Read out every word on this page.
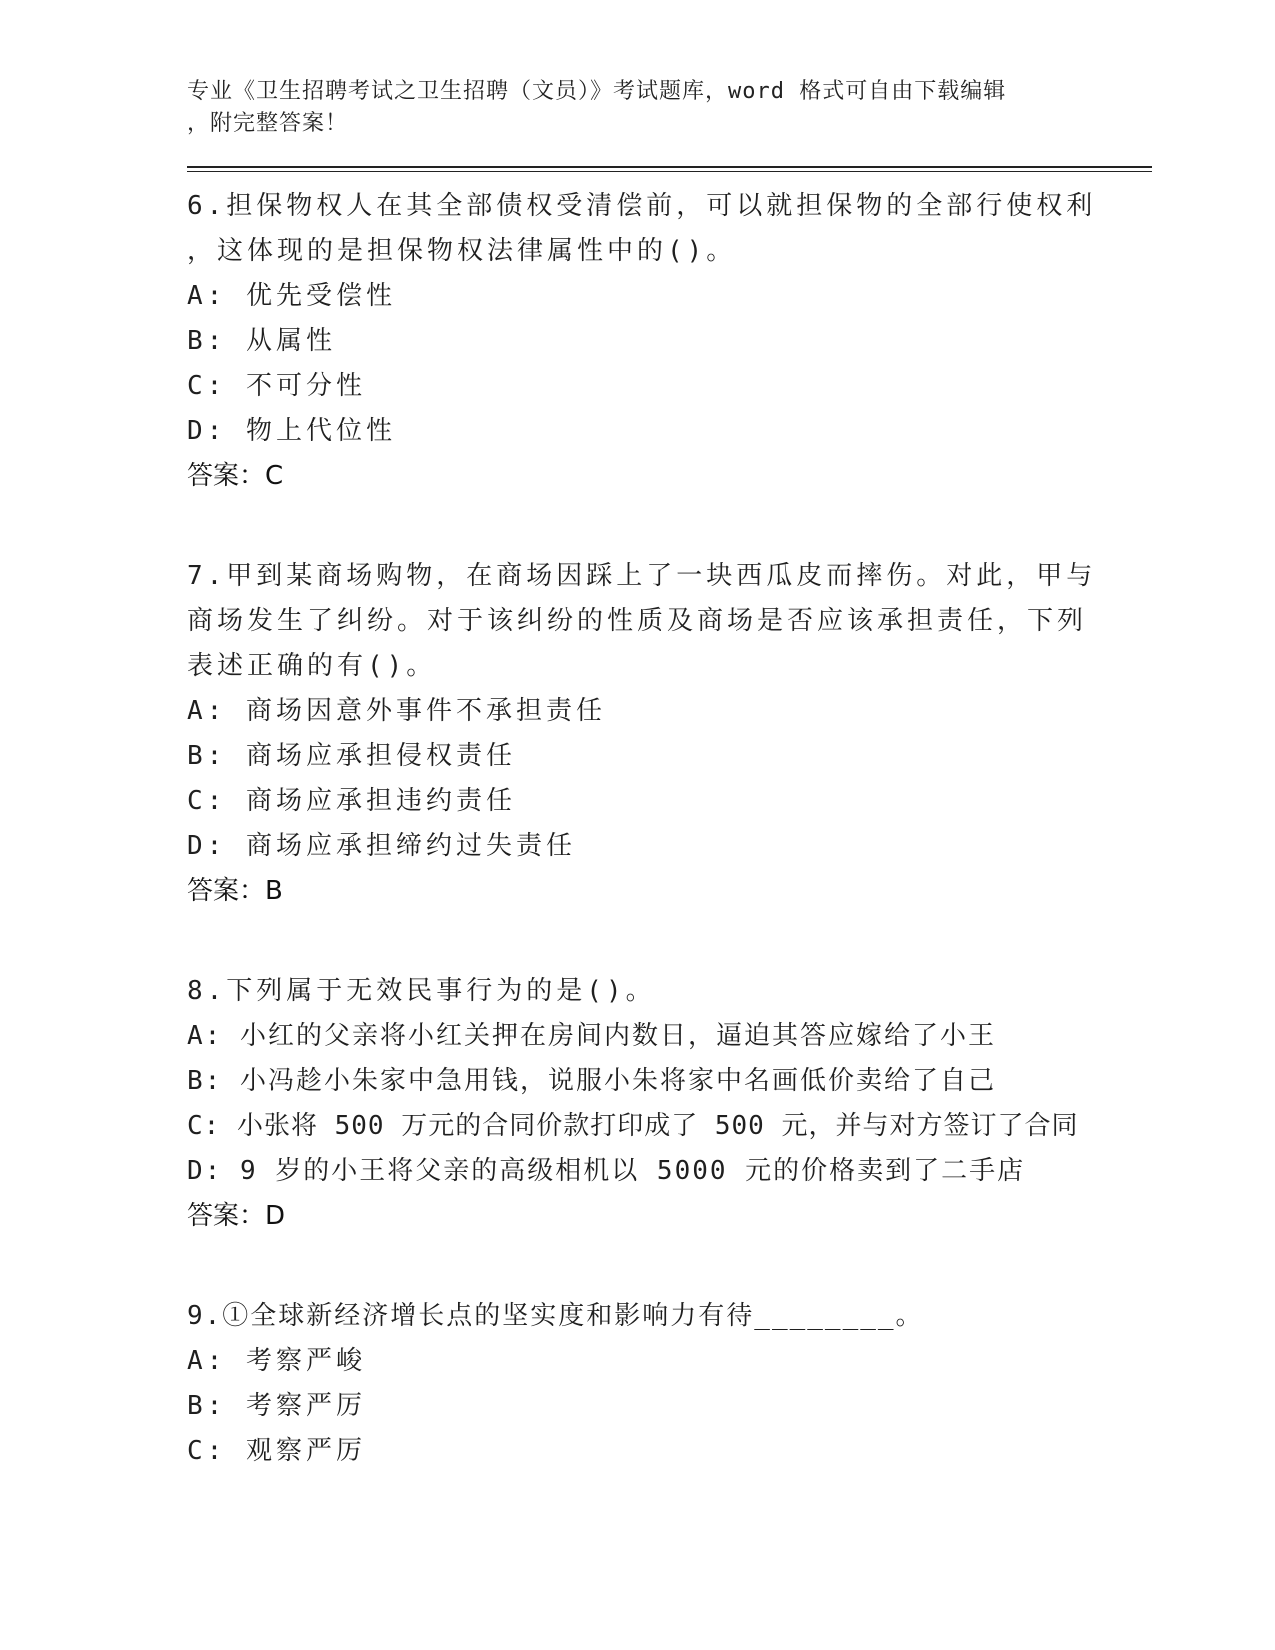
专业《卫生招聘考试之卫生招聘（文员）》考试题库，word 格式可自由下载编辑
，附完整答案！
6.担保物权人在其全部债权受清偿前，可以就担保物的全部行使权利
，这体现的是担保物权法律属性中的()。
A: 优先受偿性
B: 从属性
C: 不可分性
D: 物上代位性
答案：C
7.甲到某商场购物，在商场因踩上了一块西瓜皮而摔伤。对此，甲与
商场发生了纠纷。对于该纠纷的性质及商场是否应该承担责任，下列
表述正确的有()。
A: 商场因意外事件不承担责任
B: 商场应承担侵权责任
C: 商场应承担违约责任
D: 商场应承担缔约过失责任
答案：B
8.下列属于无效民事行为的是()。
A: 小红的父亲将小红关押在房间内数日，逼迫其答应嫁给了小王
B: 小冯趁小朱家中急用钱，说服小朱将家中名画低价卖给了自己
C: 小张将 500 万元的合同价款打印成了 500 元，并与对方签订了合同
D: 9 岁的小王将父亲的高级相机以 5000 元的价格卖到了二手店
答案：D
9.①全球新经济增长点的坚实度和影响力有待________。
A: 考察严峻
B: 考察严厉
C: 观察严厉
